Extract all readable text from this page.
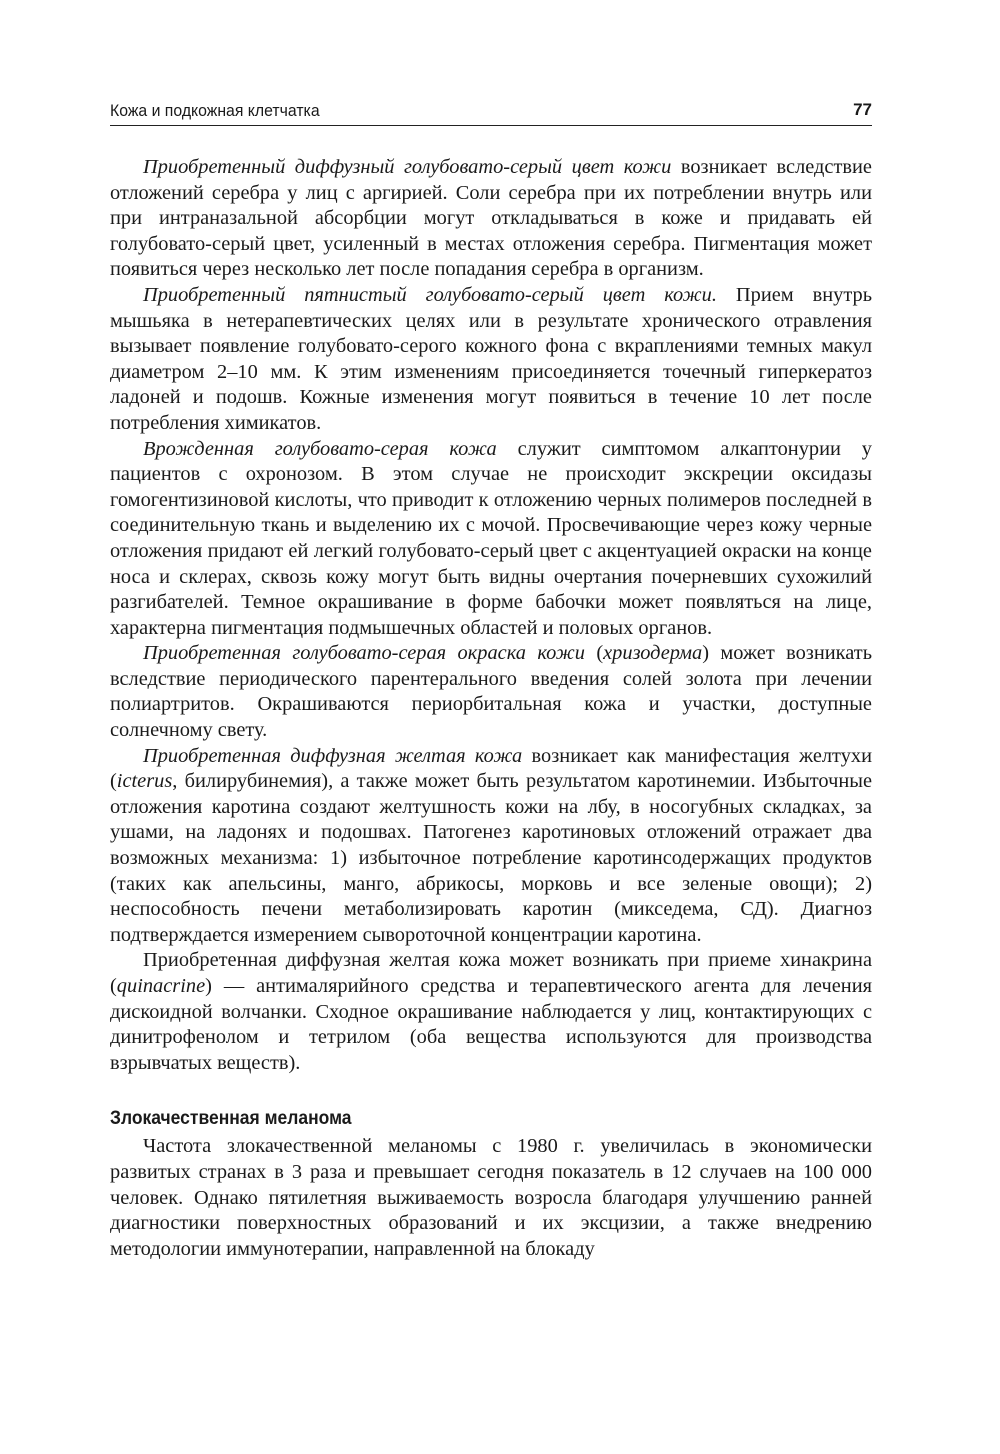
Кожа и подкожная клетчатка	77

Приобретенный диффузный голубовато-серый цвет кожи возникает вследствие отложений серебра у лиц с аргирией. Соли серебра при их потреблении внутрь или при интраназальной абсорбции могут откладываться в коже и придавать ей голубовато-серый цвет, усиленный в местах отложения серебра. Пигментация может появиться через несколько лет после попадания серебра в организм.

Приобретенный пятнистый голубовато-серый цвет кожи. Прием внутрь мышьяка в нетерапевтических целях или в результате хронического отравления вызывает появление голубовато-серого кожного фона с вкраплениями темных макул диаметром 2–10 мм. К этим изменениям присоединяется точечный гиперкератоз ладоней и подошв. Кожные изменения могут появиться в течение 10 лет после потребления химикатов.

Врожденная голубовато-серая кожа служит симптомом алкаптонурии у пациентов с охронозом. В этом случае не происходит экскреции оксидазы гомогентизиновой кислоты, что приводит к отложению черных полимеров последней в соединительную ткань и выделению их с мочой. Просвечивающие через кожу черные отложения придают ей легкий голубовато-серый цвет с акцентуацией окраски на конце носа и склерах, сквозь кожу могут быть видны очертания почерневших сухожилий разгибателей. Темное окрашивание в форме бабочки может появляться на лице, характерна пигментация подмышечных областей и половых органов.

Приобретенная голубовато-серая окраска кожи (хризодерма) может возникать вследствие периодического парентерального введения солей золота при лечении полиартритов. Окрашиваются периорбитальная кожа и участки, доступные солнечному свету.

Приобретенная диффузная желтая кожа возникает как манифестация желтухи (icterus, билирубинемия), а также может быть результатом каротинемии. Избыточные отложения каротина создают желтушность кожи на лбу, в носогубных складках, за ушами, на ладонях и подошвах. Патогенез каротиновых отложений отражает два возможных механизма: 1) избыточное потребление каротинсодержащих продуктов (таких как апельсины, манго, абрикосы, морковь и все зеленые овощи); 2) неспособность печени метаболизировать каротин (микседема, СД). Диагноз подтверждается измерением сывороточной концентрации каротина.

Приобретенная диффузная желтая кожа может возникать при приеме хинакрина (quinacrine) — антималярийного средства и терапевтического агента для лечения дискоидной волчанки. Сходное окрашивание наблюдается у лиц, контактирующих с динитрофенолом и тетрилом (оба вещества используются для производства взрывчатых веществ).

Злокачественная меланома

Частота злокачественной меланомы с 1980 г. увеличилась в экономически развитых странах в 3 раза и превышает сегодня показатель в 12 случаев на 100 000 человек. Однако пятилетняя выживаемость возросла благодаря улучшению ранней диагностики поверхностных образований и их эксцизии, а также внедрению методологии иммунотерапии, направленной на блокаду
